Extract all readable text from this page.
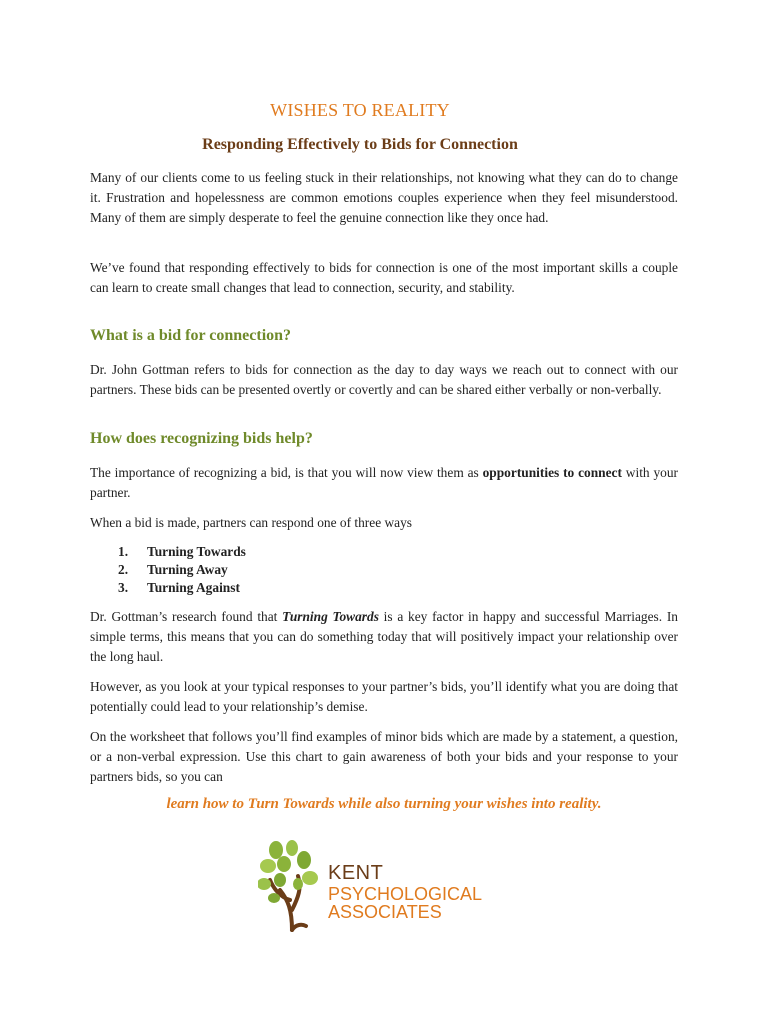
WISHES TO REALITY
Responding Effectively to Bids for Connection

Many of our clients come to us feeling stuck in their relationships, not knowing what they can do to change it. Frustration and hopelessness are common emotions couples experience when they feel misunderstood. Many of them are simply desperate to feel the genuine connection like they once had.

We’ve found that responding effectively to bids for connection is one of the most important skills a couple can learn to create small changes that lead to connection, security, and stability.

What is a bid for connection?

Dr. John Gottman refers to bids for connection as the day to day ways we reach out to connect with our partners. These bids can be presented overtly or covertly and can be shared either verbally or non-verbally.

How does recognizing bids help?

The importance of recognizing a bid, is that you will now view them as opportunities to connect with your partner.

When a bid is made, partners can respond one of three ways

1.	Turning Towards
2.	Turning Away
3.	Turning Against

Dr. Gottman’s research found that Turning Towards is a key factor in happy and successful Marriages. In simple terms, this means that you can do something today that will positively impact your relationship over the long haul.

However, as you look at your typical responses to your partner’s bids, you’ll identify what you are doing that potentially could lead to your relationship’s demise.

On the worksheet that follows you’ll find examples of minor bids which are made by a statement, a question, or a non-verbal expression. Use this chart to gain awareness of both your bids and your response to your partners bids, so you can

learn how to Turn Towards while also turning your wishes into reality.
KENT
PSYCHOLOGICAL
ASSOCIATES
